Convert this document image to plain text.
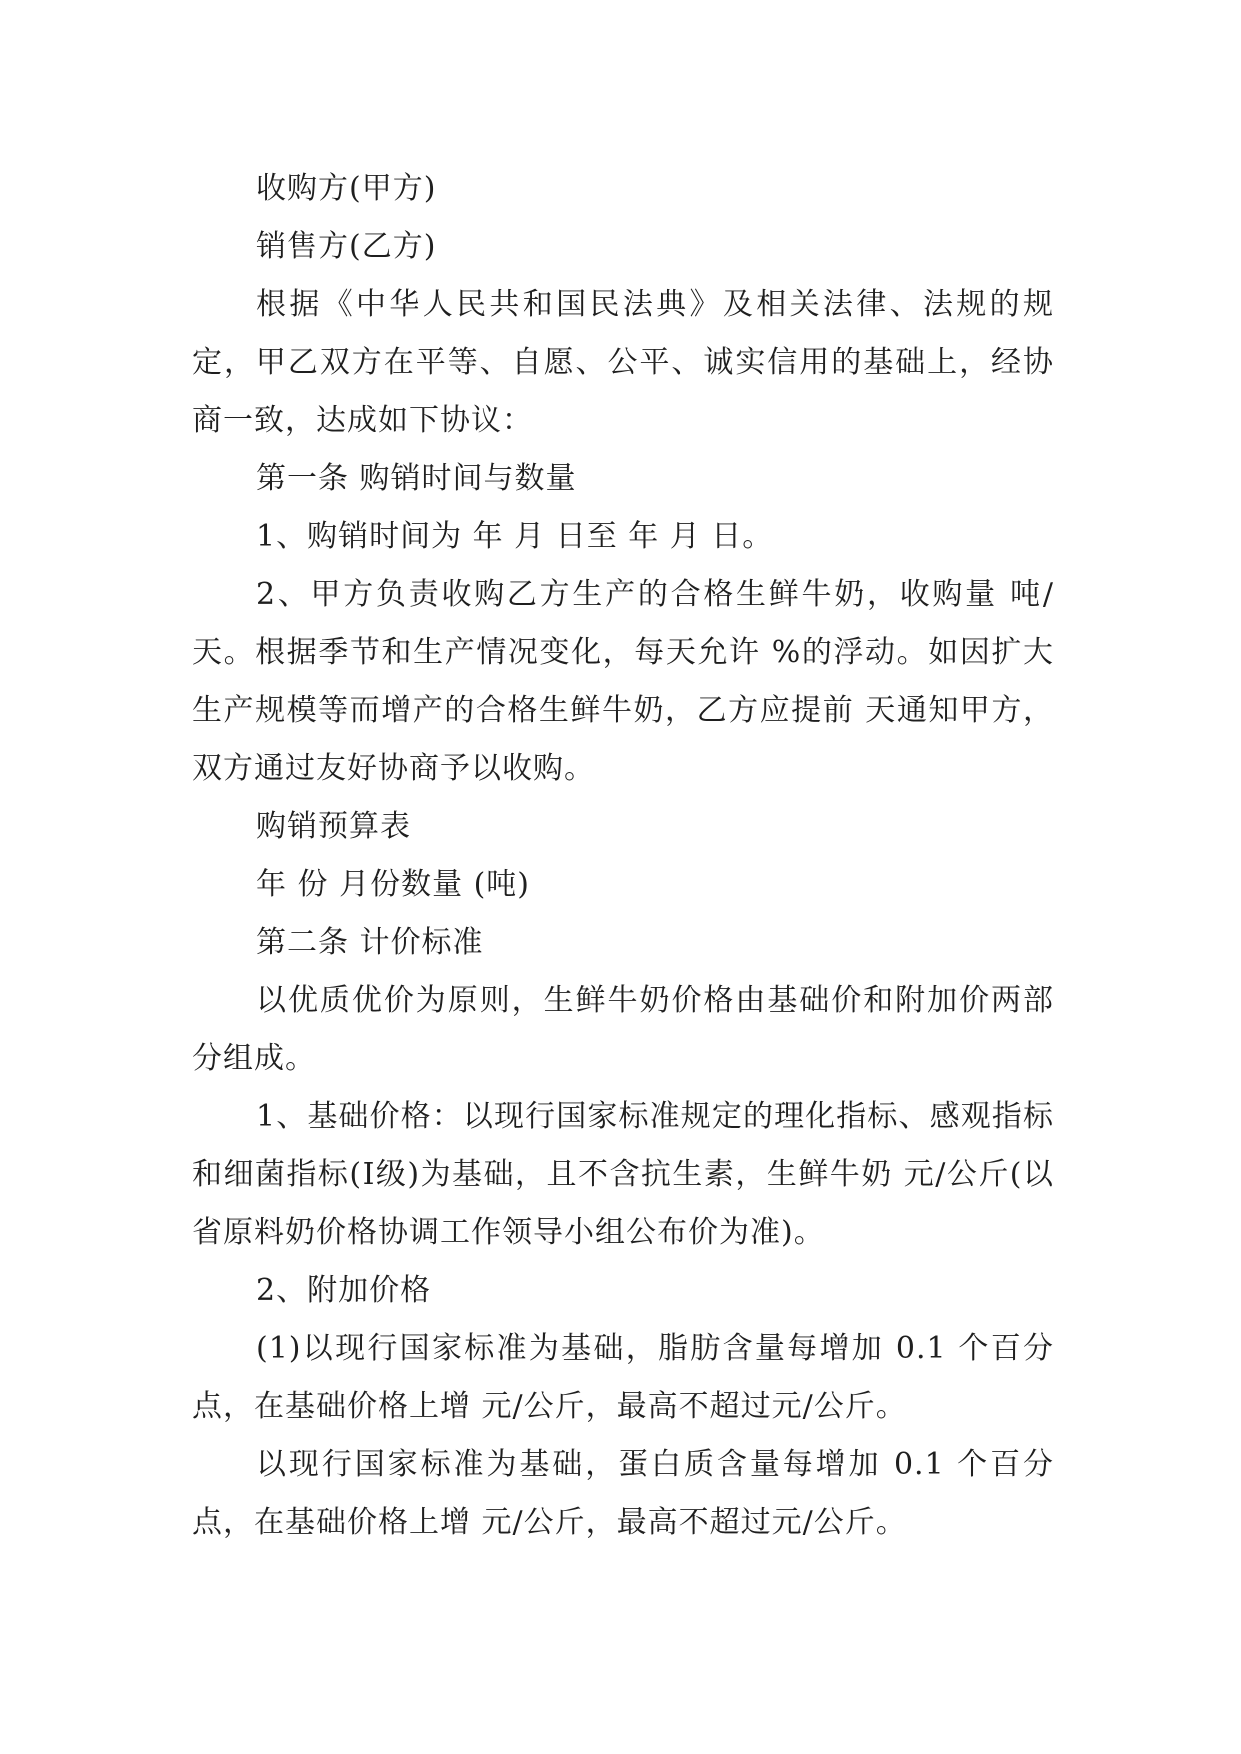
收购方(甲方)

销售方(乙方)

根据《中华人民共和国民法典》及相关法律、法规的规定，甲乙双方在平等、自愿、公平、诚实信用的基础上，经协商一致，达成如下协议：

第一条 购销时间与数量

1、购销时间为 年 月 日至 年 月 日。

2、甲方负责收购乙方生产的合格生鲜牛奶，收购量 吨/天。根据季节和生产情况变化，每天允许 %的浮动。如因扩大生产规模等而增产的合格生鲜牛奶，乙方应提前 天通知甲方，双方通过友好协商予以收购。

购销预算表

年 份 月份数量 (吨)

第二条 计价标准

以优质优价为原则，生鲜牛奶价格由基础价和附加价两部分组成。

1、基础价格：以现行国家标准规定的理化指标、感观指标和细菌指标(Ⅰ级)为基础，且不含抗生素，生鲜牛奶 元/公斤(以省原料奶价格协调工作领导小组公布价为准)。

2、附加价格

(1)以现行国家标准为基础，脂肪含量每增加 0.1 个百分点，在基础价格上增 元/公斤，最高不超过元/公斤。

以现行国家标准为基础，蛋白质含量每增加 0.1 个百分点，在基础价格上增 元/公斤，最高不超过元/公斤。
